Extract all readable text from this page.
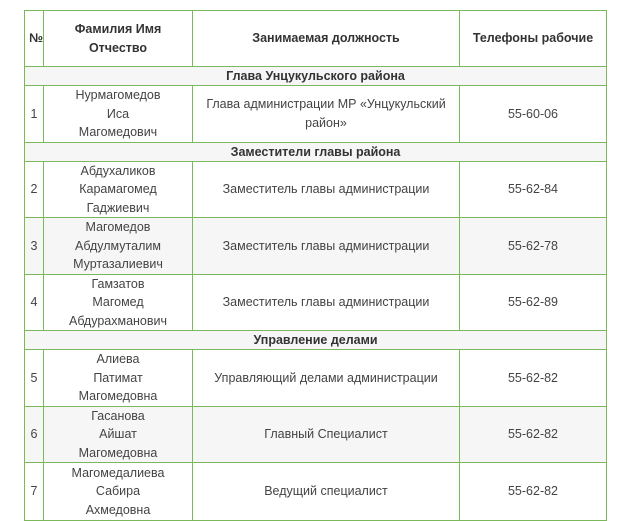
№	Фамилия Имя Отчество	Занимаемая должность	Телефоны рабочие
Глава Унцукульского района			
1	Нурмагомедов
Иса
Магомедович	Глава администрации МР «Унцукульский район»	55-60-06
Заместители главы района			
2	Абдухаликов
Карамагомед
Гаджиевич	Заместитель главы администрации	55-62-84
3	Магомедов
Абдулмуталим
Муртазалиевич	Заместитель главы администрации	55-62-78
4	Гамзатов
Магомед
Абдурахманович	Заместитель главы администрации	55-62-89
Управление делами			
5	Алиева
Патимат
Магомедовна	Управляющий делами администрации	55-62-82
6	Гасанова
Айшат
Магомедовна	Главный Специалист	55-62-82
7	Магомедалиева
Сабира
Ахмедовна	Ведущий специалист	55-62-82
